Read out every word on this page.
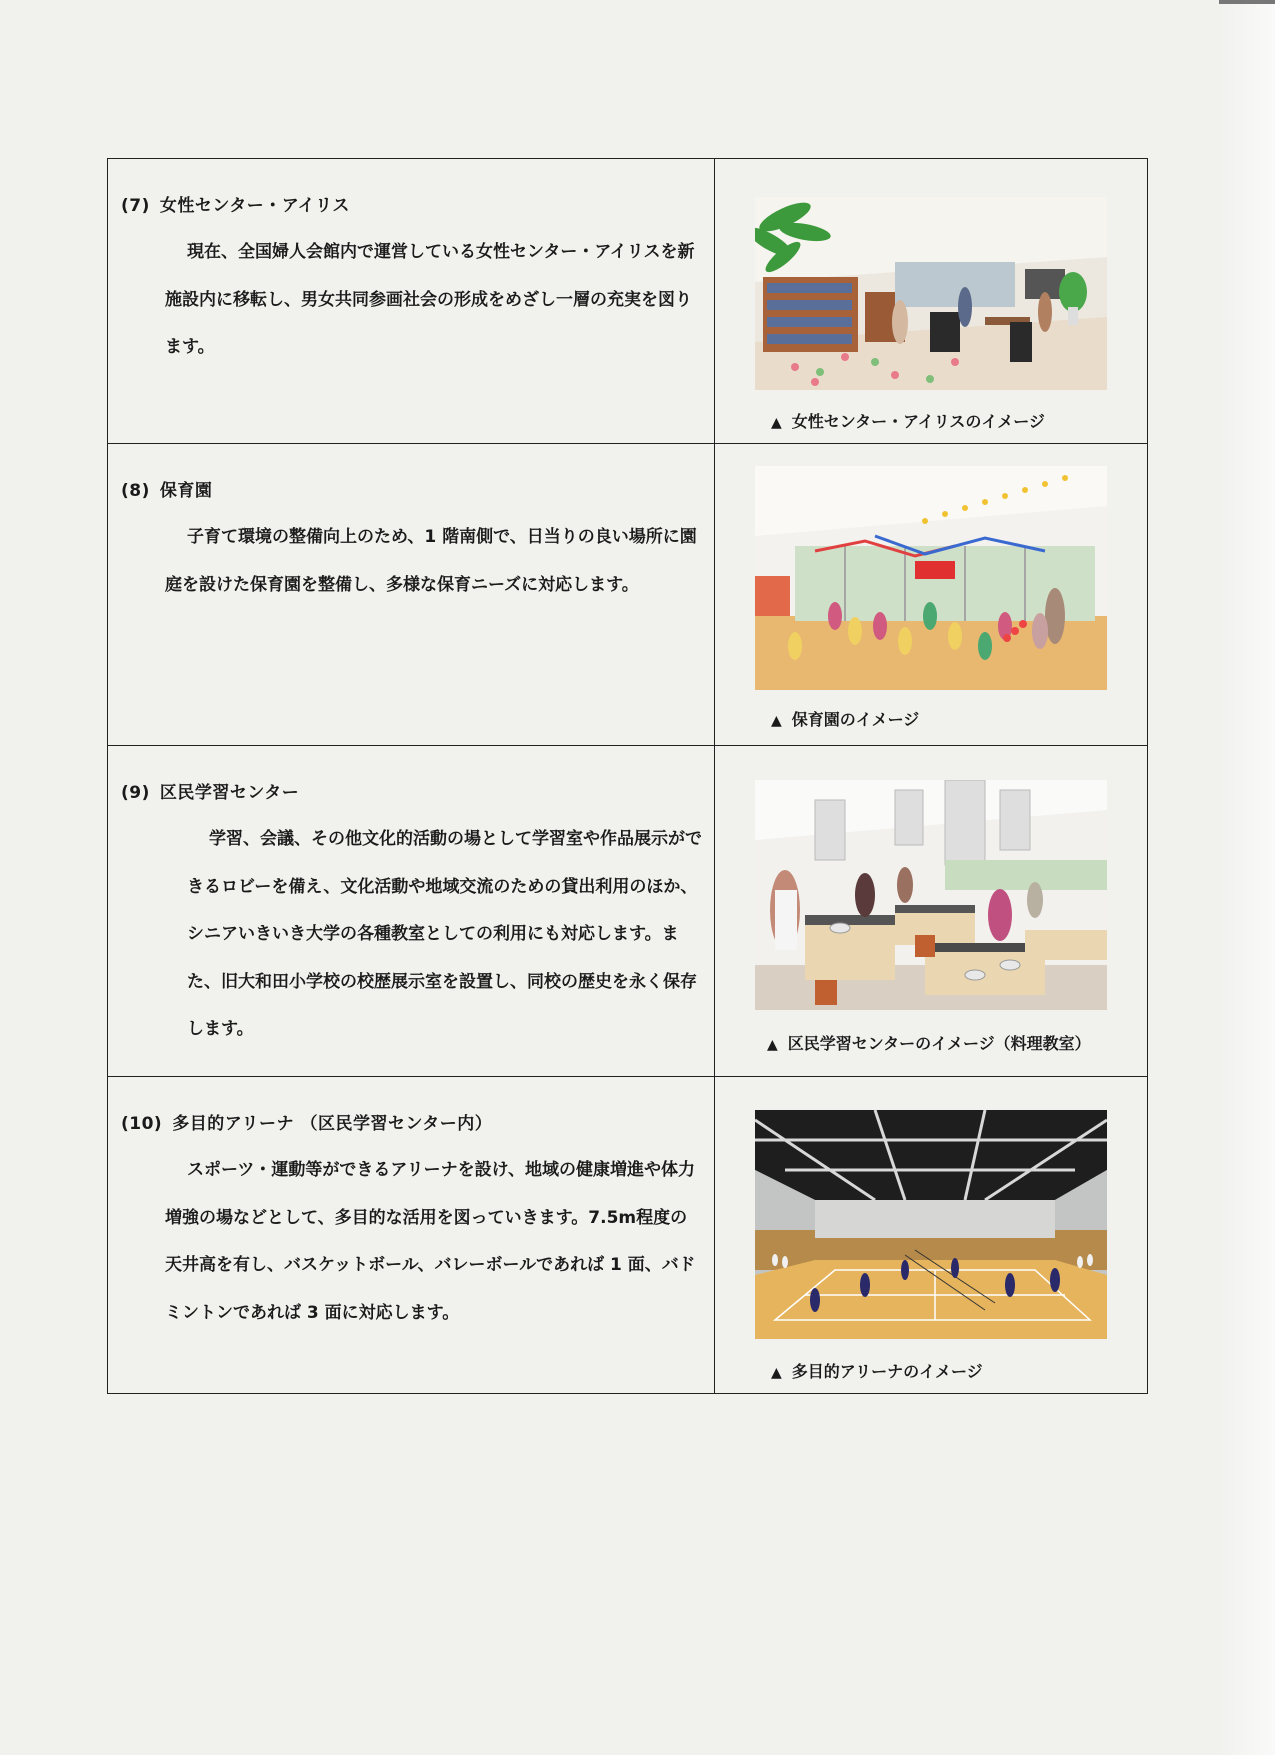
(7) 女性センター・アイリス
現在、全国婦人会館内で運営している女性センター・アイリスを新施設内に移転し、男女共同参画社会の形成をめざし一層の充実を図ります。	▲ 女性センター・アイリスのイメージ

(8) 保育園
子育て環境の整備向上のため、1 階南側で、日当りの良い場所に園庭を設けた保育園を整備し、多様な保育ニーズに対応します。	▲ 保育園のイメージ

(9) 区民学習センター
学習、会議、その他文化的活動の場として学習室や作品展示ができるロビーを備え、文化活動や地域交流のための貸出利用のほか、シニアいきいき大学の各種教室としての利用にも対応します。また、旧大和田小学校の校歴展示室を設置し、同校の歴史を永く保存します。	▲ 区民学習センターのイメージ（料理教室）

(10) 多目的アリーナ （区民学習センター内）
スポーツ・運動等ができるアリーナを設け、地域の健康増進や体力増強の場などとして、多目的な活用を図っていきます。7.5m程度の天井高を有し、バスケットボール、バレーボールであれば 1 面、バドミントンであれば 3 面に対応します。	▲ 多目的アリーナのイメージ
